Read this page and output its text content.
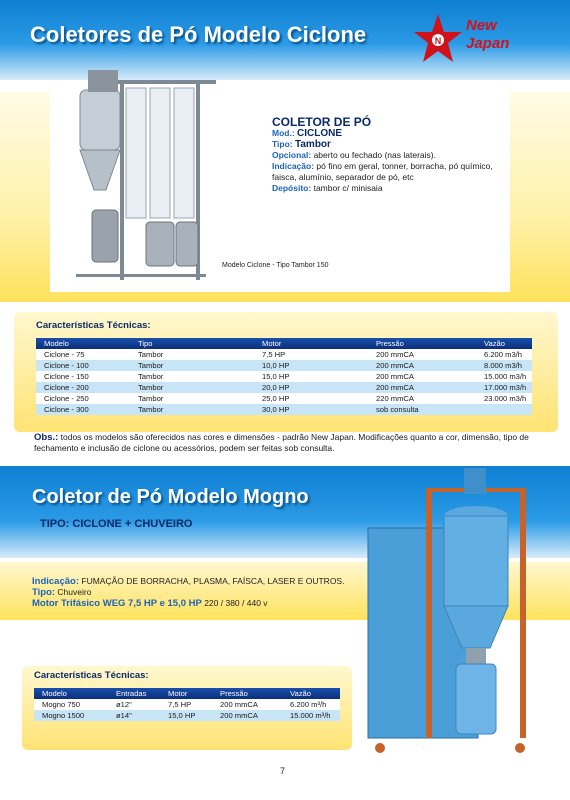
Coletores de Pó Modelo Ciclone	N
New
Japan
Modelo Ciclone - Tipo Tambor 150
COLETOR DE PÓ
Mod.: CICLONE
Tipo: Tambor
Opcional: aberto ou fechado (nas laterais).
Indicação: pó fino em geral, tonner, borracha, pó químico,
faisca, alumínio, separador de pó, etc
Depósito: tambor c/ minisaia
Características Técnicas:
Modelo	Tipo	Motor	Pressão	Vazão
Ciclone - 75	Tambor	7,5 HP	200 mmCA	6.200 m3/h
Ciclone - 100	Tambor	10,0 HP	200 mmCA	8.000 m3/h
Ciclone - 150	Tambor	15,0 HP	200 mmCA	15.000 m3/h
Ciclone - 200	Tambor	20,0 HP	200 mmCA	17.000 m3/h
Ciclone - 250	Tambor	25,0 HP	220 mmCA	23.000 m3/h
Ciclone - 300	Tambor	30,0 HP	sob consulta	
Obs.: todos os modelos são oferecidos nas cores e dimensões - padrão New Japan. Modificações quanto a cor, dimensão, tipo de fechamento e inclusão de ciclone ou acessórios, podem ser feitas sob consulta.
Coletor de Pó Modelo Mogno
TIPO: CICLONE + CHUVEIRO
Indicação: FUMAÇÃO DE BORRACHA, PLASMA, FAÍSCA, LASER E OUTROS.
Tipo: Chuveiro
Motor Trifásico WEG 7,5 HP e 15,0 HP 220 / 380 / 440 v
Características Técnicas:
Modelo	Entradas	Motor	Pressão	Vazão
Mogno 750	ø12"	7,5 HP	200 mmCA	6.200 m³/h
Mogno 1500	ø14"	15,0 HP	200 mmCA	15.000 m³/h
7
